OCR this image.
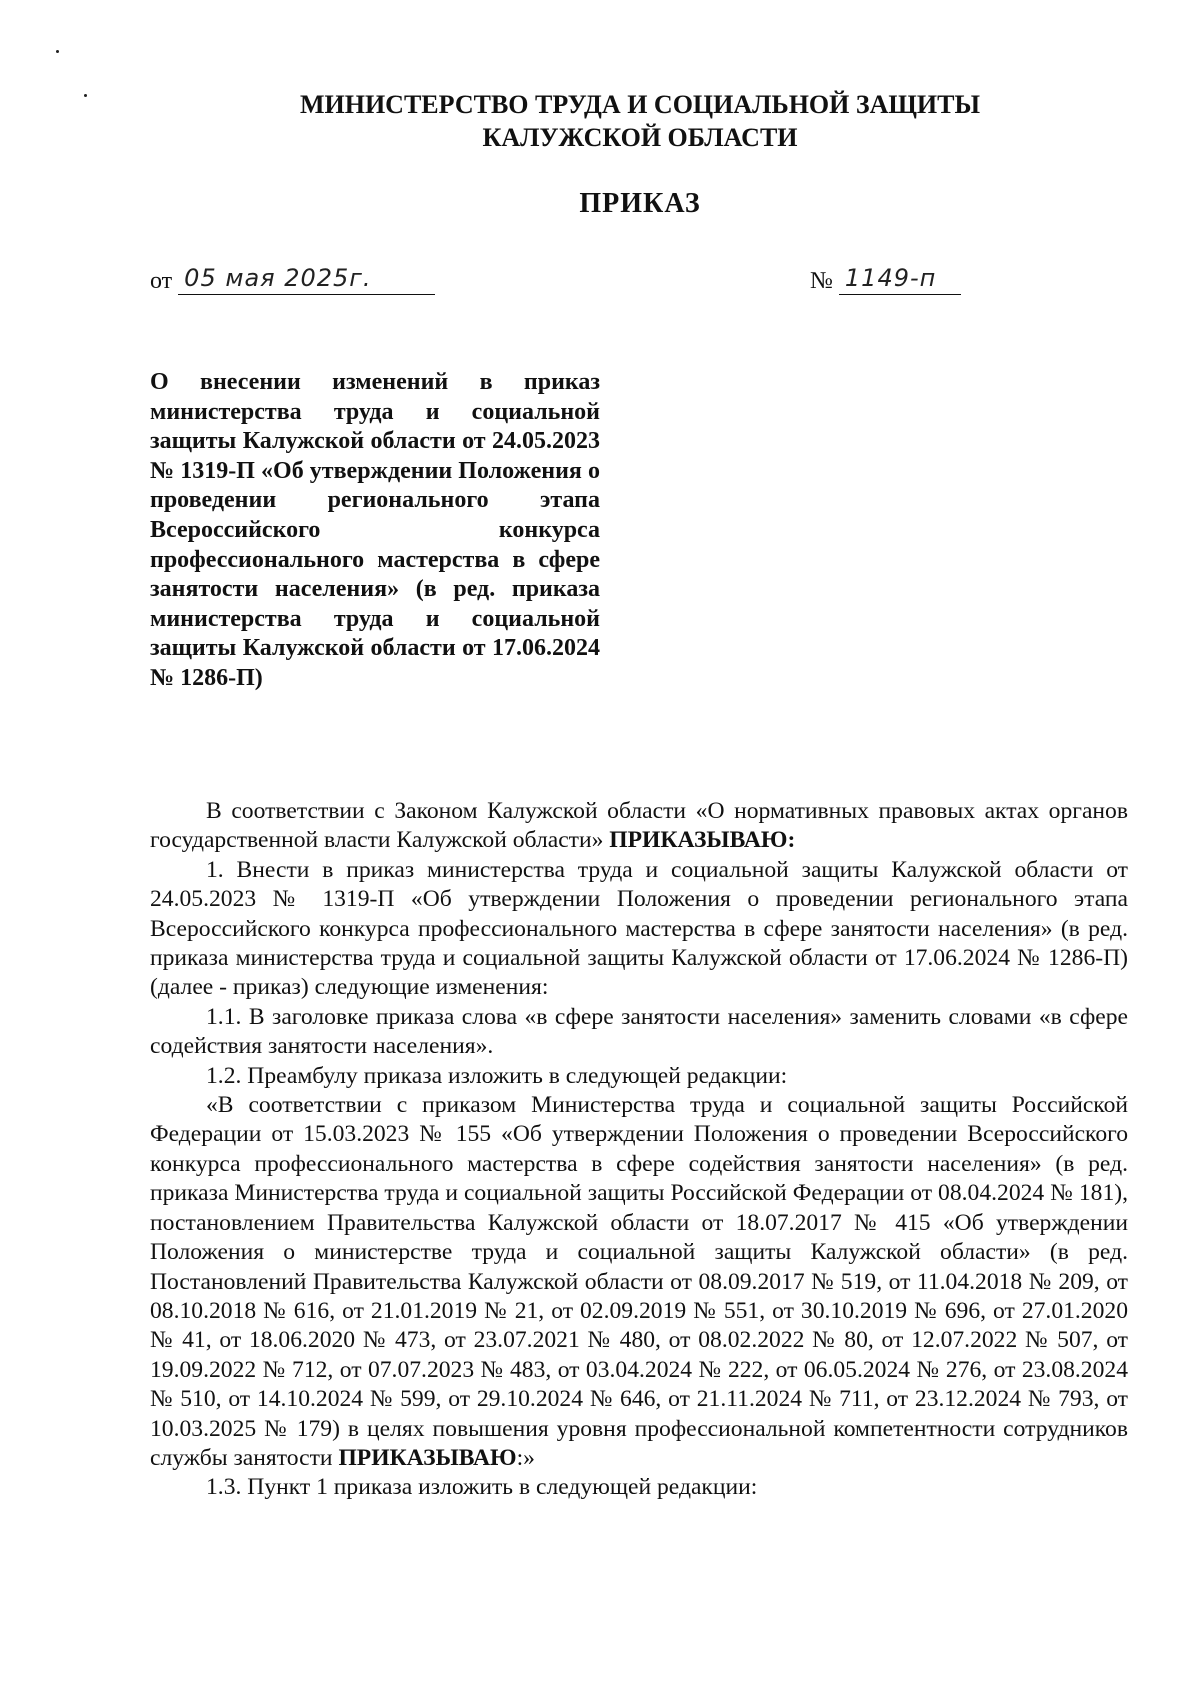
МИНИСТЕРСТВО ТРУДА И СОЦИАЛЬНОЙ ЗАЩИТЫ
КАЛУЖСКОЙ ОБЛАСТИ
ПРИКАЗ
от 05 мая 2025г.	№ 1149-п
О внесении изменений в приказ министерства труда и социальной защиты Калужской области от 24.05.2023 № 1319-П «Об утверждении Положения о проведении регионального этапа Всероссийского конкурса профессионального мастерства в сфере занятости населения» (в ред. приказа министерства труда и социальной защиты Калужской области от 17.06.2024 № 1286-П)

В соответствии с Законом Калужской области «О нормативных правовых актах органов государственной власти Калужской области» ПРИКАЗЫВАЮ:

1. Внести в приказ министерства труда и социальной защиты Калужской области от 24.05.2023 № 1319-П «Об утверждении Положения о проведении регионального этапа Всероссийского конкурса профессионального мастерства в сфере занятости населения» (в ред. приказа министерства труда и социальной защиты Калужской области от 17.06.2024 № 1286-П) (далее - приказ) следующие изменения:

1.1. В заголовке приказа слова «в сфере занятости населения» заменить словами «в сфере содействия занятости населения».

1.2. Преамбулу приказа изложить в следующей редакции:

«В соответствии с приказом Министерства труда и социальной защиты Российской Федерации от 15.03.2023 № 155 «Об утверждении Положения о проведении Всероссийского конкурса профессионального мастерства в сфере содействия занятости населения» (в ред. приказа Министерства труда и социальной защиты Российской Федерации от 08.04.2024 № 181), постановлением Правительства Калужской области от 18.07.2017 № 415 «Об утверждении Положения о министерстве труда и социальной защиты Калужской области» (в ред. Постановлений Правительства Калужской области от 08.09.2017 № 519, от 11.04.2018 № 209, от 08.10.2018 № 616, от 21.01.2019 № 21, от 02.09.2019 № 551, от 30.10.2019 № 696, от 27.01.2020 № 41, от 18.06.2020 № 473, от 23.07.2021 № 480, от 08.02.2022 № 80, от 12.07.2022 № 507, от 19.09.2022 № 712, от 07.07.2023 № 483, от 03.04.2024 № 222, от 06.05.2024 № 276, от 23.08.2024 № 510, от 14.10.2024 № 599, от 29.10.2024 № 646, от 21.11.2024 № 711, от 23.12.2024 № 793, от 10.03.2025 № 179) в целях повышения уровня профессиональной компетентности сотрудников службы занятости ПРИКАЗЫВАЮ:»

1.3. Пункт 1 приказа изложить в следующей редакции:
